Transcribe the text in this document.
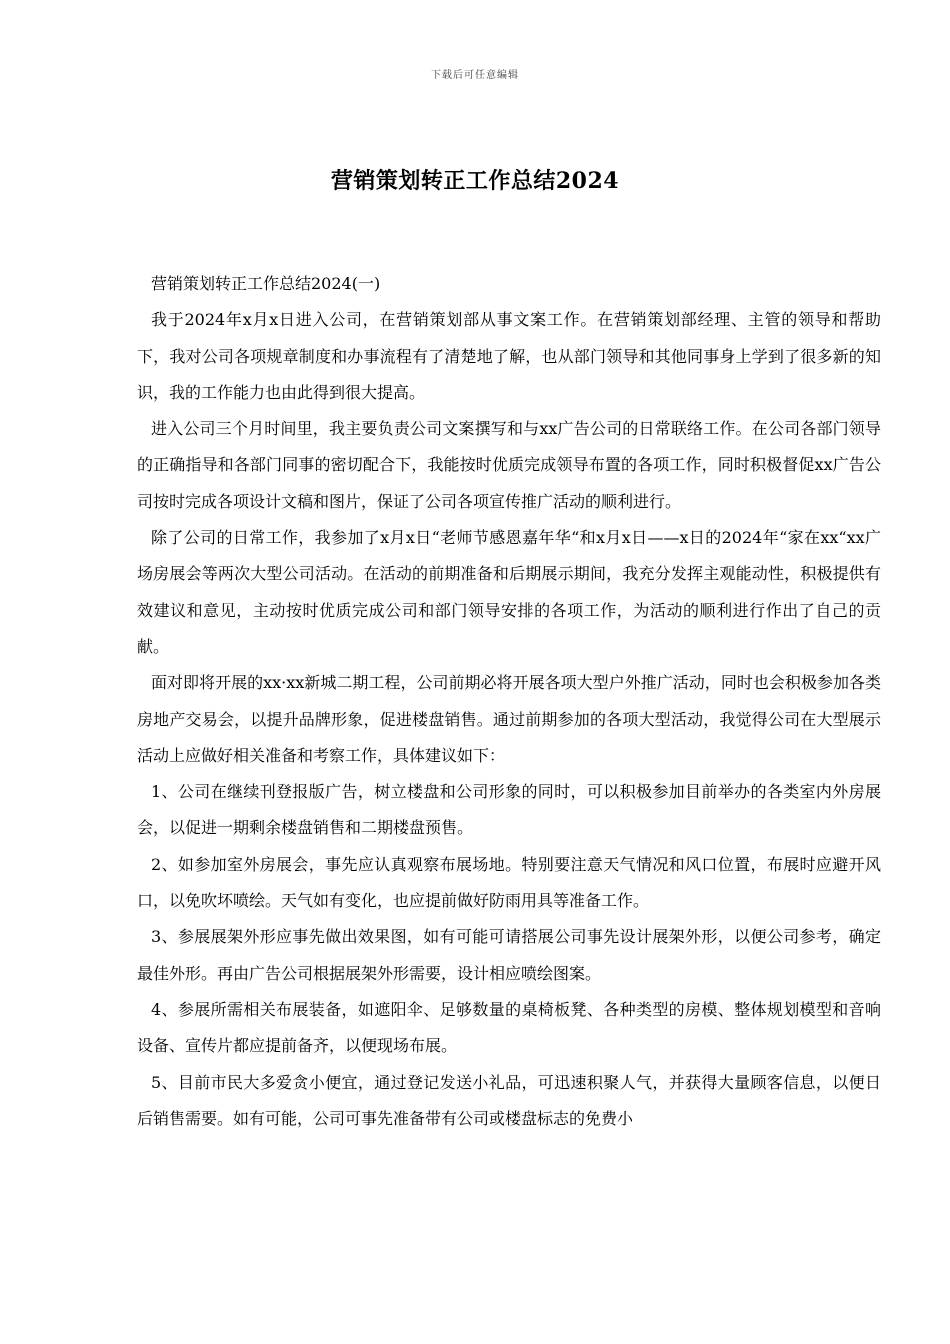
下载后可任意编辑
营销策划转正工作总结2024

营销策划转正工作总结2024(一)

我于2024年x月x日进入公司，在营销策划部从事文案工作。在营销策划部经理、主管的领导和帮助下，我对公司各项规章制度和办事流程有了清楚地了解，也从部门领导和其他同事身上学到了很多新的知识，我的工作能力也由此得到很大提高。

进入公司三个月时间里，我主要负责公司文案撰写和与xx广告公司的日常联络工作。在公司各部门领导的正确指导和各部门同事的密切配合下，我能按时优质完成领导布置的各项工作，同时积极督促xx广告公司按时完成各项设计文稿和图片，保证了公司各项宣传推广活动的顺利进行。

除了公司的日常工作，我参加了x月x日“老师节感恩嘉年华“和x月x日——x日的2024年“家在xx“xx广场房展会等两次大型公司活动。在活动的前期准备和后期展示期间，我充分发挥主观能动性，积极提供有效建议和意见，主动按时优质完成公司和部门领导安排的各项工作，为活动的顺利进行作出了自己的贡献。

面对即将开展的xx·xx新城二期工程，公司前期必将开展各项大型户外推广活动，同时也会积极参加各类房地产交易会，以提升品牌形象，促进楼盘销售。通过前期参加的各项大型活动，我觉得公司在大型展示活动上应做好相关准备和考察工作，具体建议如下：

1、公司在继续刊登报版广告，树立楼盘和公司形象的同时，可以积极参加目前举办的各类室内外房展会，以促进一期剩余楼盘销售和二期楼盘预售。

2、如参加室外房展会，事先应认真观察布展场地。特别要注意天气情况和风口位置，布展时应避开风口，以免吹坏喷绘。天气如有变化，也应提前做好防雨用具等准备工作。

3、参展展架外形应事先做出效果图，如有可能可请搭展公司事先设计展架外形，以便公司参考，确定最佳外形。再由广告公司根据展架外形需要，设计相应喷绘图案。

4、参展所需相关布展装备，如遮阳伞、足够数量的桌椅板凳、各种类型的房模、整体规划模型和音响设备、宣传片都应提前备齐，以便现场布展。

5、目前市民大多爱贪小便宜，通过登记发送小礼品，可迅速积聚人气，并获得大量顾客信息，以便日后销售需要。如有可能，公司可事先准备带有公司或楼盘标志的免费小
